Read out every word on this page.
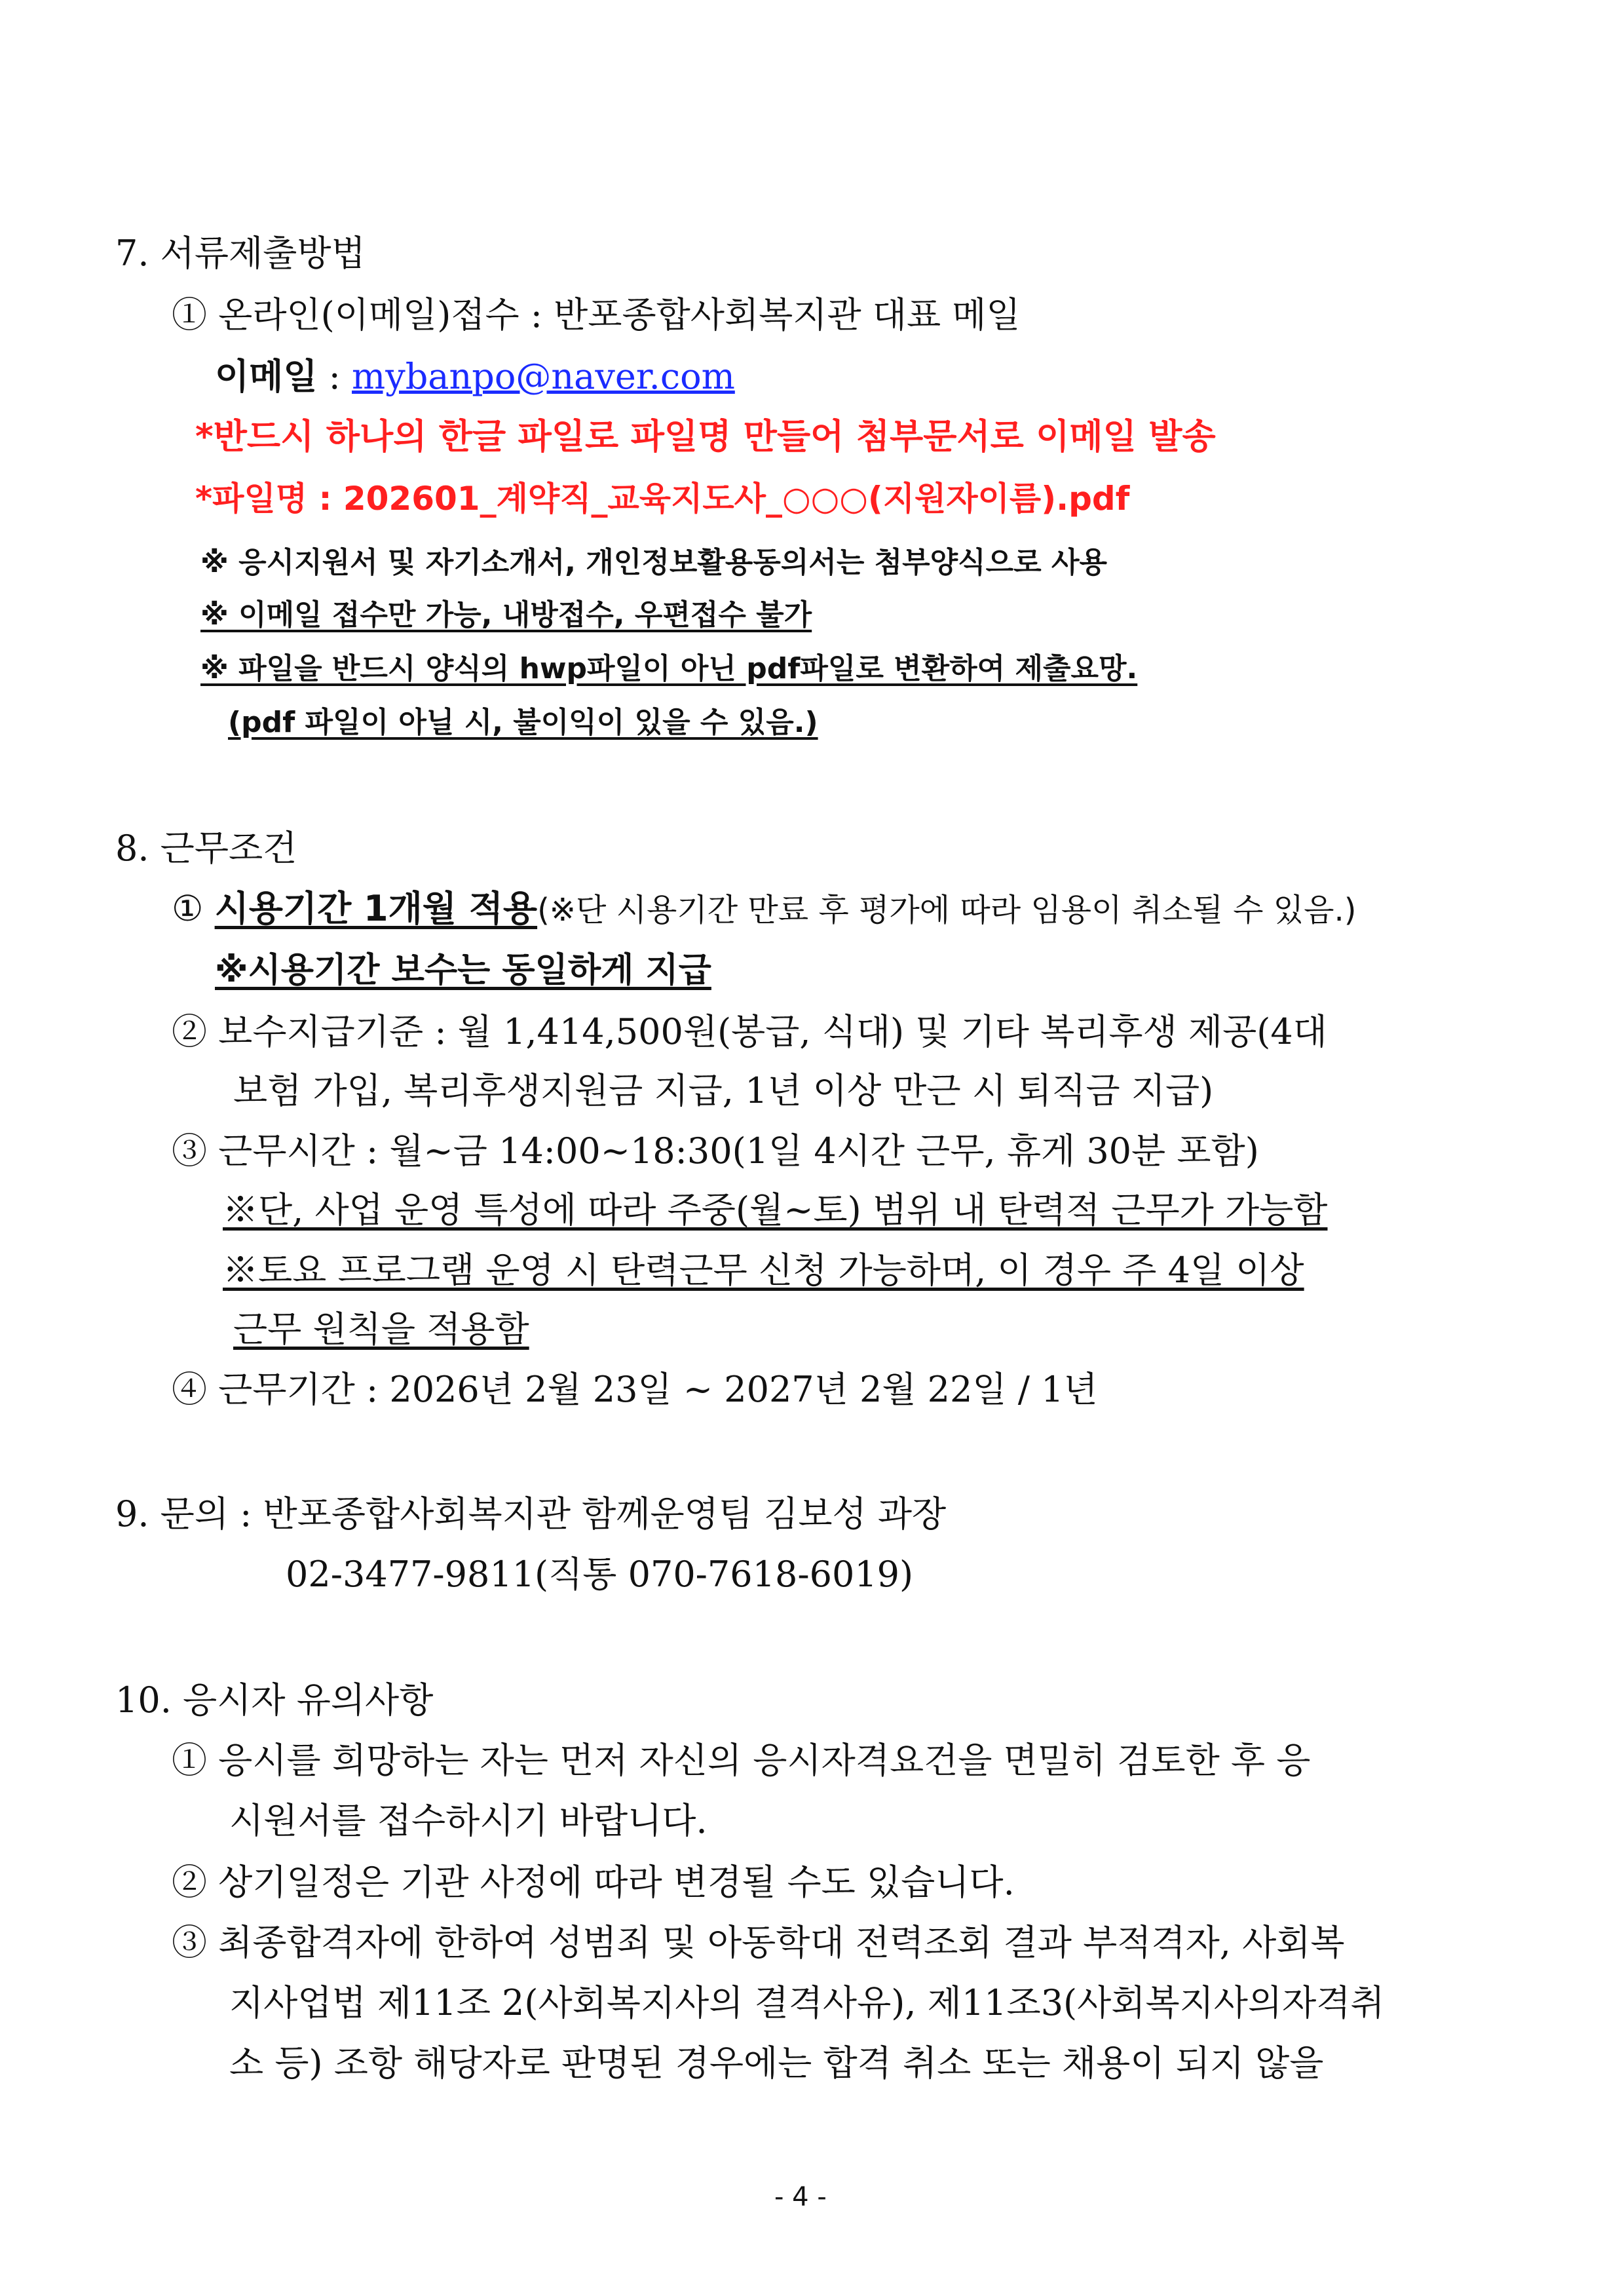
7. 서류제출방법
① 온라인(이메일)접수 : 반포종합사회복지관 대표 메일
이메일 : mybanpo@naver.com
*반드시 하나의 한글 파일로 파일명 만들어 첨부문서로 이메일 발송
*파일명 : 202601_계약직_교육지도사_○○○(지원자이름).pdf
※ 응시지원서 및 자기소개서, 개인정보활용동의서는 첨부양식으로 사용
※ 이메일 접수만 가능, 내방접수, 우편접수 불가
※ 파일을 반드시 양식의 hwp파일이 아닌 pdf파일로 변환하여 제출요망.
(pdf 파일이 아닐 시, 불이익이 있을 수 있음.)
8. 근무조건
① 시용기간 1개월 적용(※단 시용기간 만료 후 평가에 따라 임용이 취소될 수 있음.)
※시용기간 보수는 동일하게 지급
② 보수지급기준 : 월 1,414,500원(봉급, 식대) 및 기타 복리후생 제공(4대
보험 가입, 복리후생지원금 지급, 1년 이상 만근 시 퇴직금 지급)
③ 근무시간 : 월~금 14:00~18:30(1일 4시간 근무, 휴게 30분 포함)
※단, 사업 운영 특성에 따라 주중(월~토) 범위 내 탄력적 근무가 가능함
※토요 프로그램 운영 시 탄력근무 신청 가능하며, 이 경우 주 4일 이상
근무 원칙을 적용함
④ 근무기간 : 2026년 2월 23일 ~ 2027년 2월 22일 / 1년
9. 문의 : 반포종합사회복지관 함께운영팀 김보성 과장
02-3477-9811(직통 070-7618-6019)
10. 응시자 유의사항
① 응시를 희망하는 자는 먼저 자신의 응시자격요건을 면밀히 검토한 후 응
시원서를 접수하시기 바랍니다.
② 상기일정은 기관 사정에 따라 변경될 수도 있습니다.
③ 최종합격자에 한하여 성범죄 및 아동학대 전력조회 결과 부적격자, 사회복
지사업법 제11조 2(사회복지사의 결격사유), 제11조3(사회복지사의자격취
소 등) 조항 해당자로 판명된 경우에는 합격 취소 또는 채용이 되지 않을
- 4 -
